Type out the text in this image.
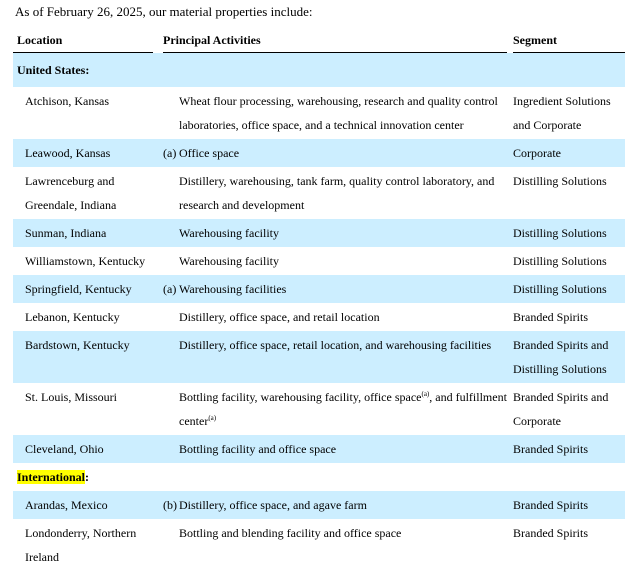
As of February 26, 2025, our material properties include:
Location		Principal Activities			Segment
United States:					
Atchison, Kansas			Wheat flour processing, warehousing, research and quality control laboratories, office space, and a technical innovation center		Ingredient Solutions and Corporate
Leawood, Kansas		(a)	Office space		Corporate
Lawrenceburg and Greendale, Indiana			Distillery, warehousing, tank farm, quality control laboratory, and research and development		Distilling Solutions
Sunman, Indiana			Warehousing facility		Distilling Solutions
Williamstown, Kentucky			Warehousing facility		Distilling Solutions
Springfield, Kentucky		(a)	Warehousing facilities		Distilling Solutions
Lebanon, Kentucky			Distillery, office space, and retail location		Branded Spirits
Bardstown, Kentucky			Distillery, office space, retail location, and warehousing facilities		Branded Spirits and Distilling Solutions
St. Louis, Missouri			Bottling facility, warehousing facility, office space$^{(a)}$, and fulfillment center$^{(a)}$		Branded Spirits and Corporate
Cleveland, Ohio			Bottling facility and office space		Branded Spirits
International:					
Arandas, Mexico		(b)	Distillery, office space, and agave farm		Branded Spirits
Londonderry, Northern Ireland			Bottling and blending facility and office space		Branded Spirits
